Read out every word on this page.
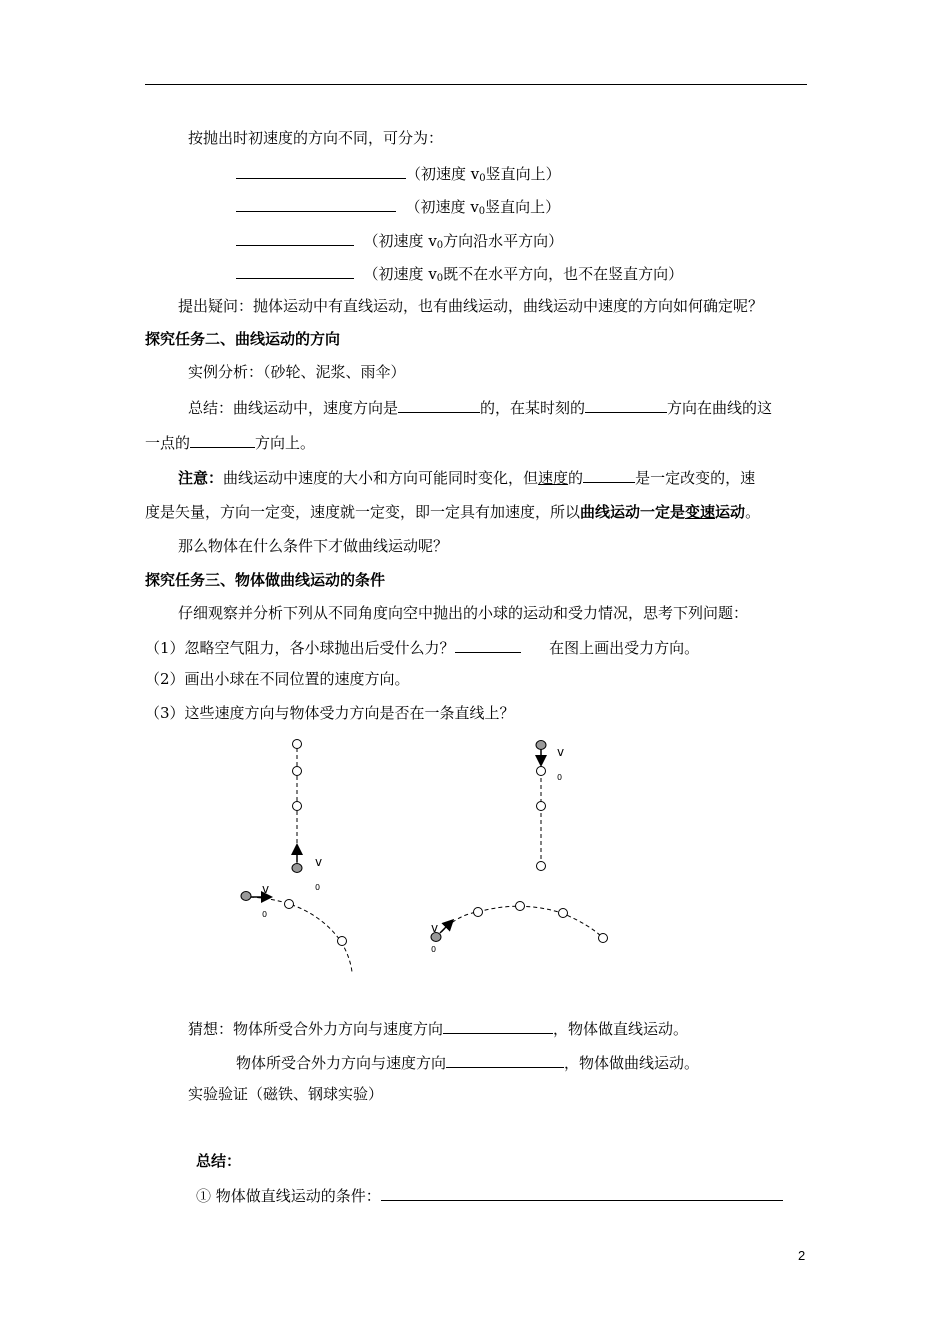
按抛出时初速度的方向不同，可分为：
（初速度 $v_0$竖直向上）
（初速度 $v_0$竖直向上）
（初速度 $v_0$方向沿水平方向）
（初速度 $v_0$既不在水平方向，也不在竖直方向）
提出疑问：抛体运动中有直线运动，也有曲线运动，曲线运动中速度的方向如何确定呢？
探究任务二、曲线运动的方向
实例分析：（砂轮、泥浆、雨伞）
总结：曲线运动中，速度方向是	的，在某时刻的	方向在曲线的这
一点的	方向上。
注意：曲线运动中速度的大小和方向可能同时变化，但速度的	是一定改变的，速
度是矢量，方向一定变，速度就一定变，即一定具有加速度，所以曲线运动一定是变速运动。
那么物体在什么条件下才做曲线运动呢？
探究任务三、物体做曲线运动的条件
仔细观察并分析下列从不同角度向空中抛出的小球的运动和受力情况，思考下列问题：
（1）忽略空气阻力，各小球抛出后受什么力？	在图上画出受力方向。
（2）画出小球在不同位置的速度方向。
（3）这些速度方向与物体受力方向是否在一条直线上？
v
0
v
0
v
0
v
0
猜想：物体所受合外力方向与速度方向	，物体做直线运动。
物体所受合外力方向与速度方向	，物体做曲线运动。
实验验证（磁铁、钢球实验）
总结：
① 物体做直线运动的条件：
2
